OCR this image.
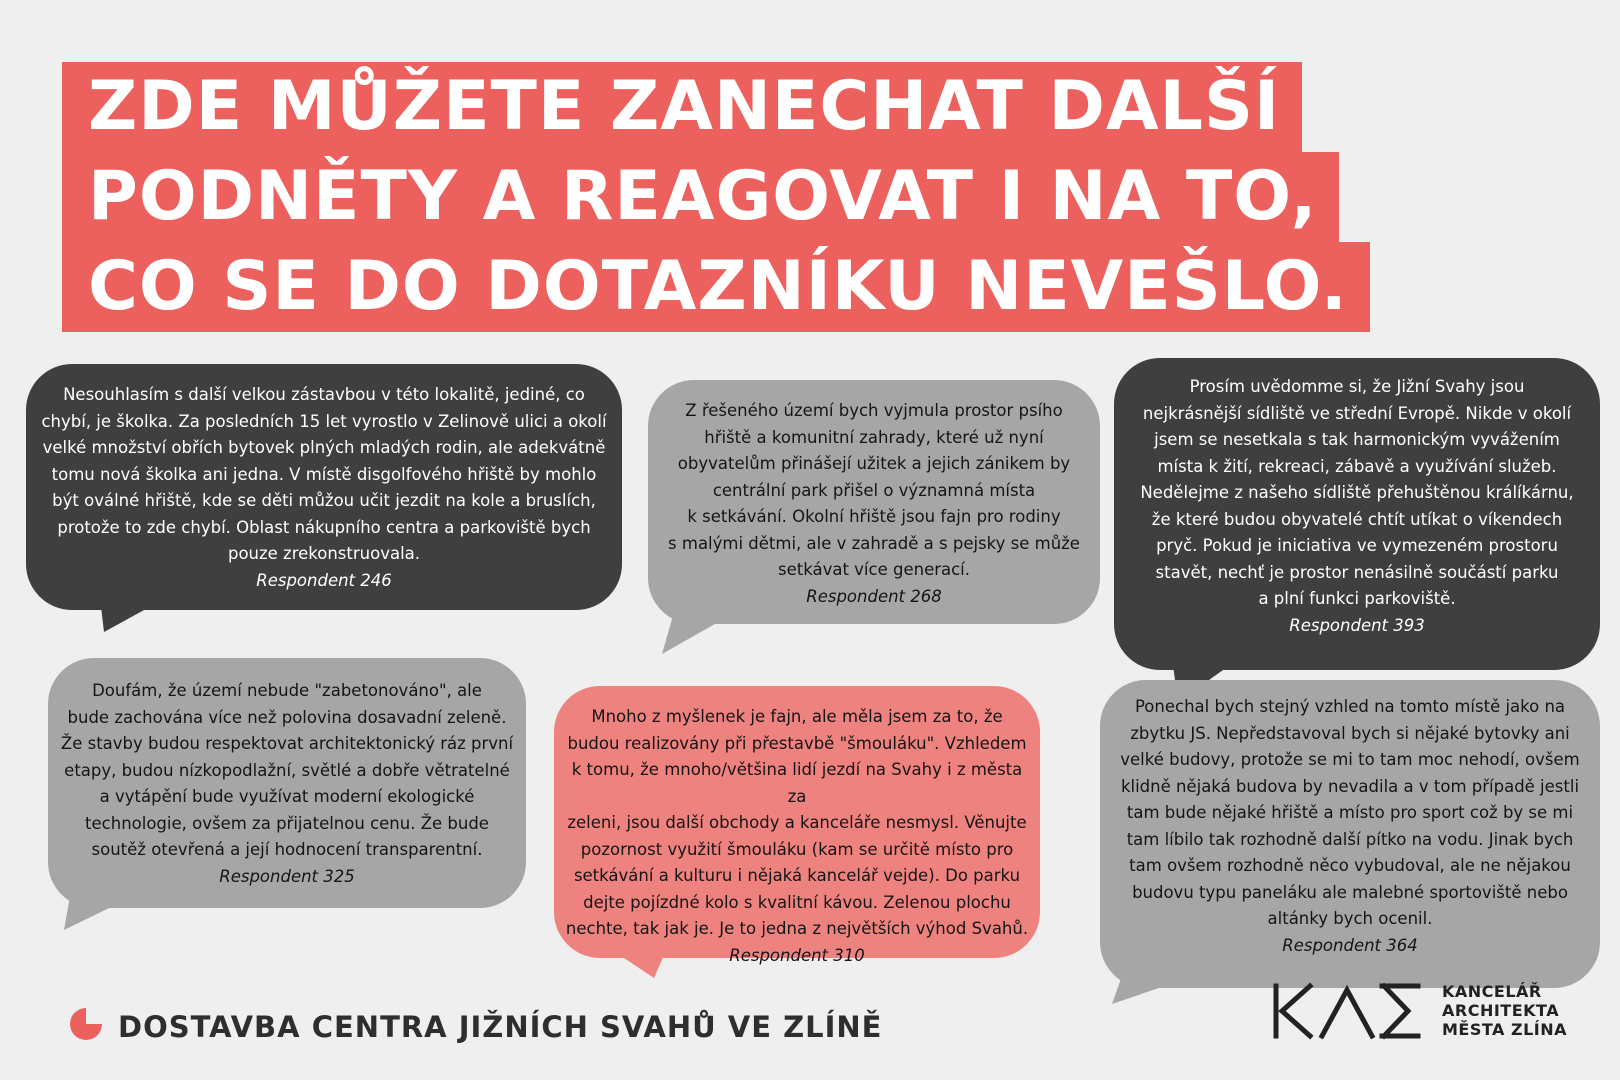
ZDE MŮŽETE ZANECHAT DALŠÍ
PODNĚTY A REAGOVAT I NA TO,
CO SE DO DOTAZNÍKU NEVEŠLO.
Nesouhlasím s další velkou zástavbou v této lokalitě, jediné, co
chybí, je školka. Za posledních 15 let vyrostlo v Zelinově ulici a okolí
velké množství obřích bytovek plných mladých rodin, ale adekvátně
tomu nová školka ani jedna. V místě disgolfového hřiště by mohlo
být oválné hřiště, kde se děti můžou učit jezdit na kole a bruslích,
protože to zde chybí. Oblast nákupního centra a parkoviště bych
pouze zrekonstruovala.
Respondent 246
Z řešeného území bych vyjmula prostor psího
hřiště a komunitní zahrady, které už nyní
obyvatelům přinášejí užitek a jejich zánikem by
centrální park přišel o významná místa
k setkávání. Okolní hřiště jsou fajn pro rodiny
s malými dětmi, ale v zahradě a s pejsky se může
setkávat více generací.
Respondent 268
Prosím uvědomme si, že Jižní Svahy jsou
nejkrásnější sídliště ve střední Evropě. Nikde v okolí
jsem se nesetkala s tak harmonickým vyvážením
místa k žití, rekreaci, zábavě a využívání služeb.
Nedělejme z našeho sídliště přehuštěnou králíkárnu,
že které budou obyvatelé chtít utíkat o víkendech
pryč. Pokud je iniciativa ve vymezeném prostoru
stavět, nechť je prostor nenásilně součástí parku
a plní funkci parkoviště.
Respondent 393
Doufám, že území nebude "zabetonováno", ale
bude zachována více než polovina dosavadní zeleně.
Že stavby budou respektovat architektonický ráz první
etapy, budou nízkopodlažní, světlé a dobře větratelné
a vytápění bude využívat moderní ekologické
technologie, ovšem za přijatelnou cenu. Že bude
soutěž otevřená a její hodnocení transparentní.
Respondent 325
Mnoho z myšlenek je fajn, ale měla jsem za to, že
budou realizovány při přestavbě "šmouláku". Vzhledem
k tomu, že mnoho/většina lidí jezdí na Svahy i z města za
zeleni, jsou další obchody a kanceláře nesmysl. Věnujte
pozornost využití šmouláku (kam se určitě místo pro
setkávání a kulturu i nějaká kancelář vejde). Do parku
dejte pojízdné kolo s kvalitní kávou. Zelenou plochu
nechte, tak jak je. Je to jedna z největších výhod Svahů.
Respondent 310
Ponechal bych stejný vzhled na tomto místě jako na
zbytku JS. Nepředstavoval bych si nějaké bytovky ani
velké budovy, protože se mi to tam moc nehodí, ovšem
klidně nějaká budova by nevadila a v tom případě jestli
tam bude nějaké hřiště a místo pro sport což by se mi
tam líbilo tak rozhodně další pítko na vodu. Jinak bych
tam ovšem rozhodně něco vybudoval, ale ne nějakou
budovu typu paneláku ale malebné sportoviště nebo
altánky bych ocenil.
Respondent 364
DOSTAVBA CENTRA JIŽNÍCH SVAHŮ VE ZLÍNĚ
KANCELÁŘ
ARCHITEKTA
MĚSTA ZLÍNA
